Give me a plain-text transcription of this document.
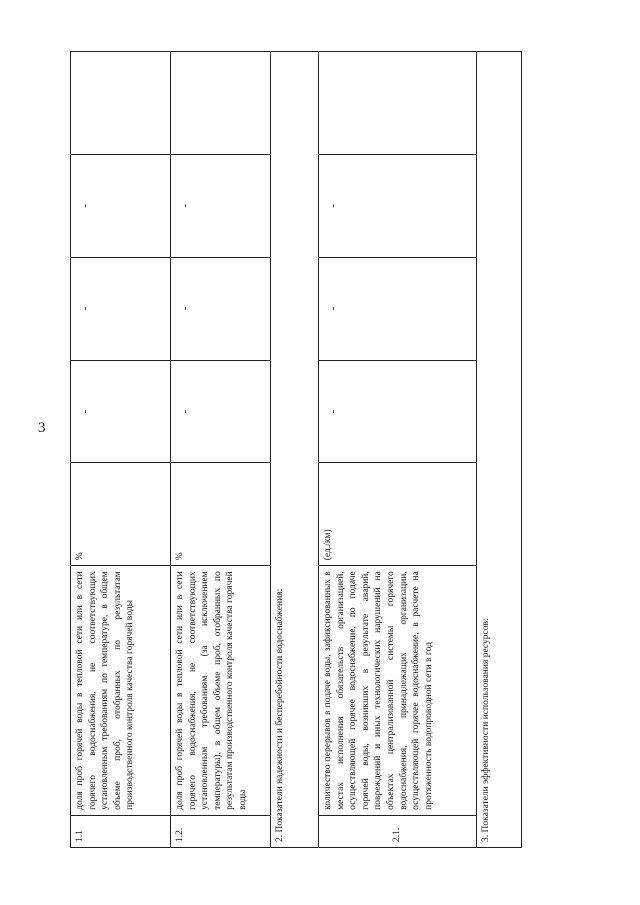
3
1.1	доля проб горячей воды в тепловой сети или в сети горячего водоснабжения, не соответствующих установленным требованиям по температуре, в общем объеме проб, отобранных по результатам производственного контроля качества горячей воды	%	-	-	-	
1.2.	доля проб горячей воды в тепловой сети или в сети горячего водоснабжения, не соответствующих установленным требованиям (за исключением температуры), в общем объеме проб, отобранных по результатам производственного контроля качества горячей воды	%	-	-	-	
2. Показатели надежности и бесперебойности водоснабжения:						
2.1.	количество перерывов в подаче воды, зафиксированных в местах исполнения обязательств организацией, осуществляющей горячее водоснабжение, по подаче горячей воды, возникших в результате аварий, повреждений и иных технологических нарушений на объектах централизованной системы горячего водоснабжения, принадлежащих организации, осуществляющей горячее водоснабжение, в расчете на протяженность водопроводной сети в год	(ед./км)	-	-	-	
3. Показатели эффективности использования ресурсов:						
